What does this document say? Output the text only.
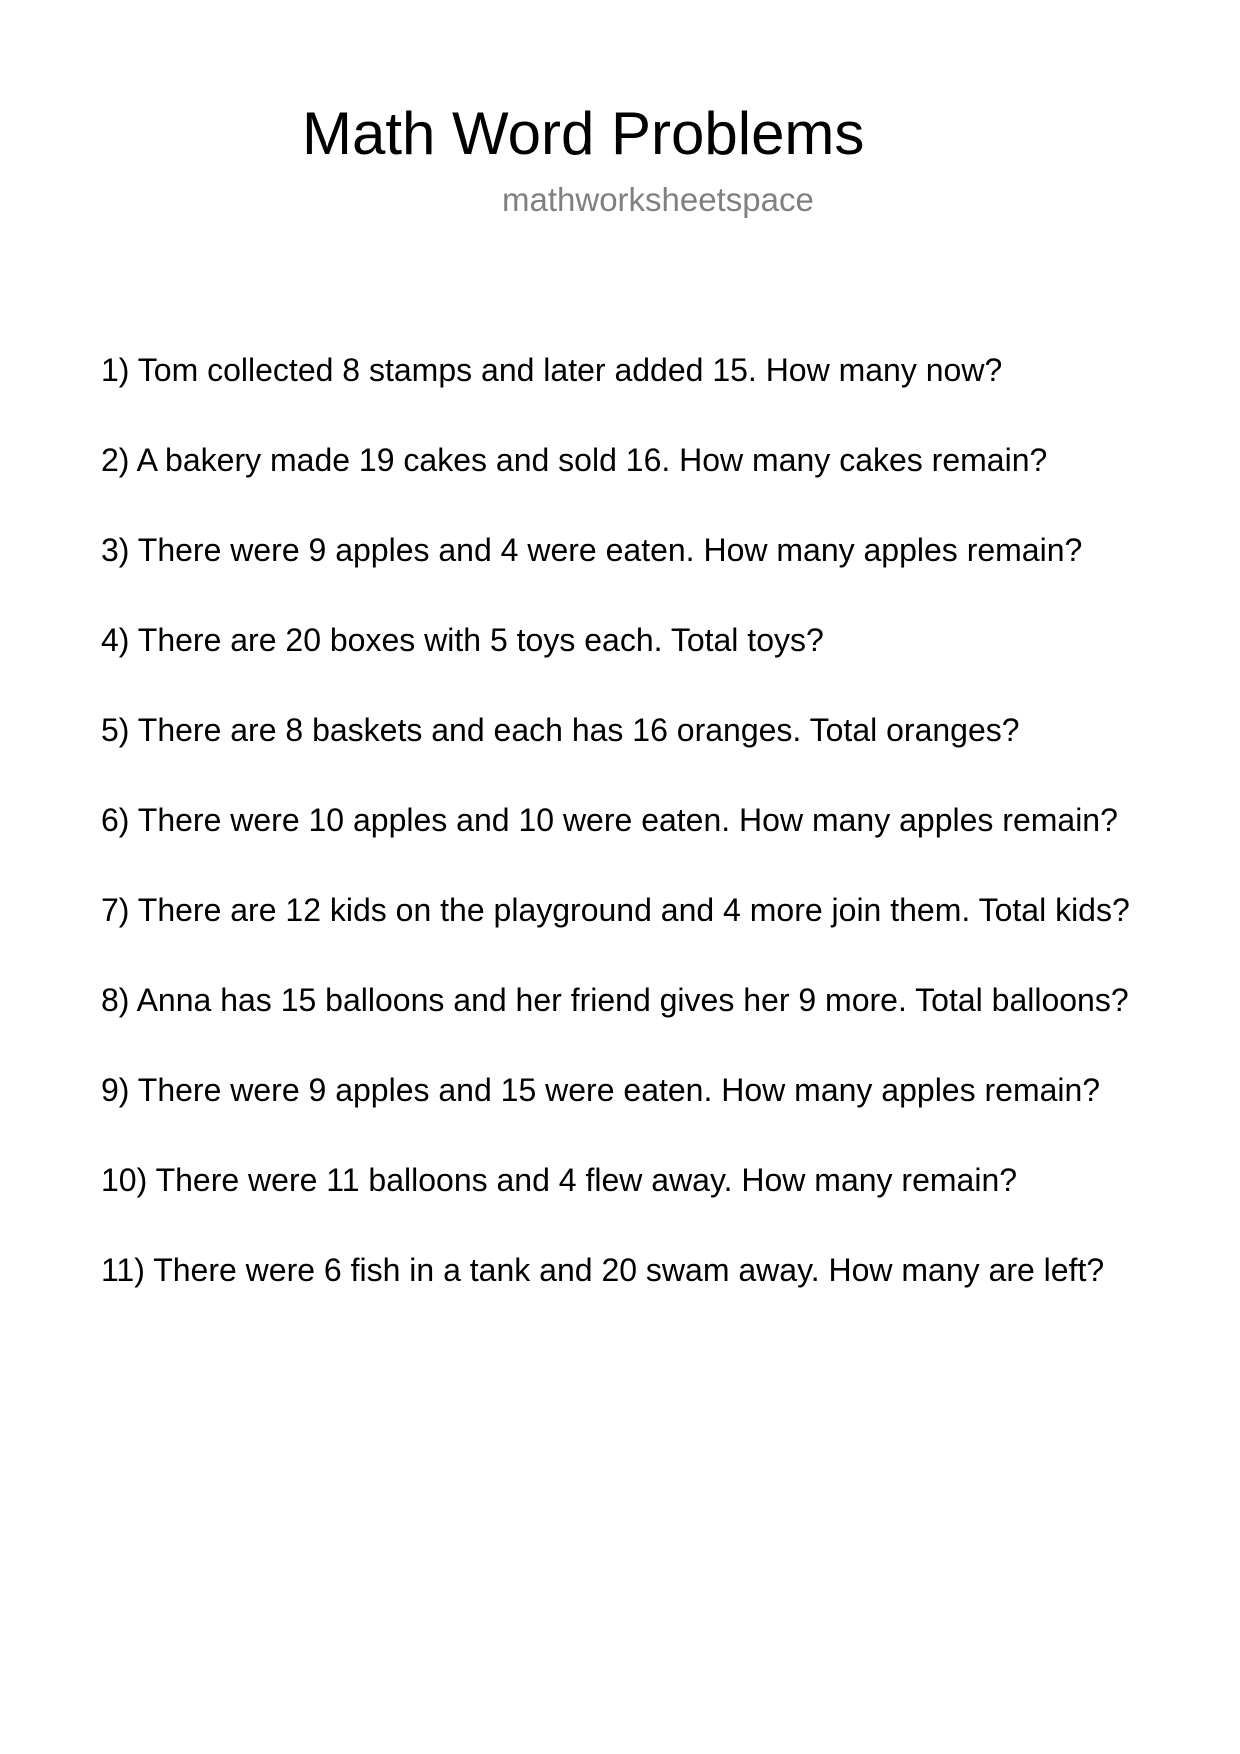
Math Word Problems
mathworksheetspace
1) Tom collected 8 stamps and later added 15. How many now?
2) A bakery made 19 cakes and sold 16. How many cakes remain?
3) There were 9 apples and 4 were eaten. How many apples remain?
4) There are 20 boxes with 5 toys each. Total toys?
5) There are 8 baskets and each has 16 oranges. Total oranges?
6) There were 10 apples and 10 were eaten. How many apples remain?
7) There are 12 kids on the playground and 4 more join them. Total kids?
8) Anna has 15 balloons and her friend gives her 9 more. Total balloons?
9) There were 9 apples and 15 were eaten. How many apples remain?
10) There were 11 balloons and 4 flew away. How many remain?
11) There were 6 fish in a tank and 20 swam away. How many are left?
